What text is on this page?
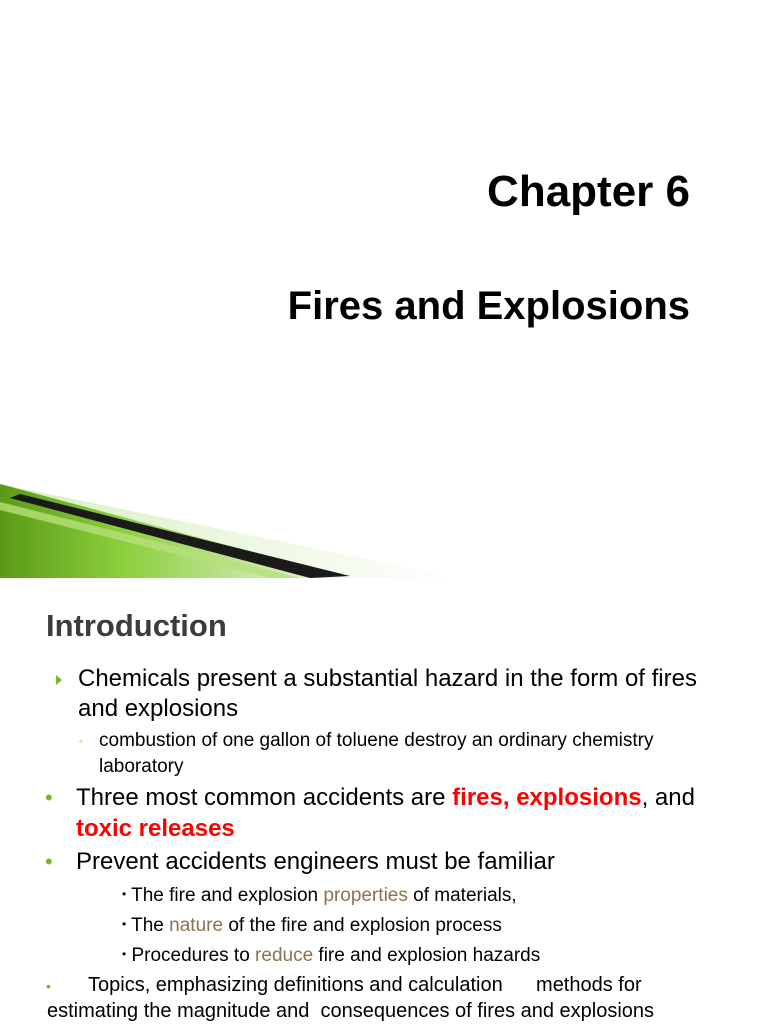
Chapter 6
Fires and Explosions
Introduction
Chemicals present a substantial hazard in the form of fires
and explosions
◦ combustion of one gallon of toluene destroy an ordinary chemistry
laboratory
• Three most common accidents are fires, explosions, and
toxic releases
• Prevent accidents engineers must be familiar
• The fire and explosion properties of materials,
• The nature of the fire and explosion process
• Procedures to reduce fire and explosion hazards
• Topics, emphasizing definitions and calculation      methods for
estimating the magnitude and  consequences of fires and explosions
